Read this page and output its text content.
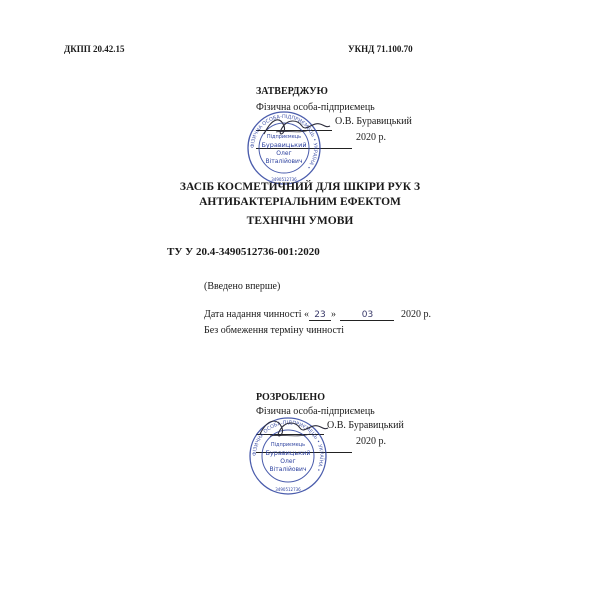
ДКПП 20.42.15	УКНД 71.100.70
ЗАТВЕРДЖУЮ
Фізична особа-підприємець
О.В. Буравицький
2020 р.
ФІЗИЧНА ОСОБА-ПІДПРИЄМЕЦЬ • УКРАЇНА •
Підприємець
Буравицький
Олег
Віталійович
3490512736
ЗАСІБ КОСМЕТИЧНИЙ ДЛЯ ШКІРИ РУК З
АНТИБАКТЕРІАЛЬНИМ ЕФЕКТОМ
ТЕХНІЧНІ УМОВИ
ТУ У 20.4-3490512736-001:2020
(Введено вперше)
Дата надання чинності « 23 »	03	2020 р.
Без обмеження терміну чинності
РОЗРОБЛЕНО
Фізична особа-підприємець
О.В. Буравицький
2020 р.
ФІЗИЧНА ОСОБА-ПІДПРИЄМЕЦЬ • УКРАЇНА •
Підприємець
Буравицький
Олег
Віталійович
3490512736
